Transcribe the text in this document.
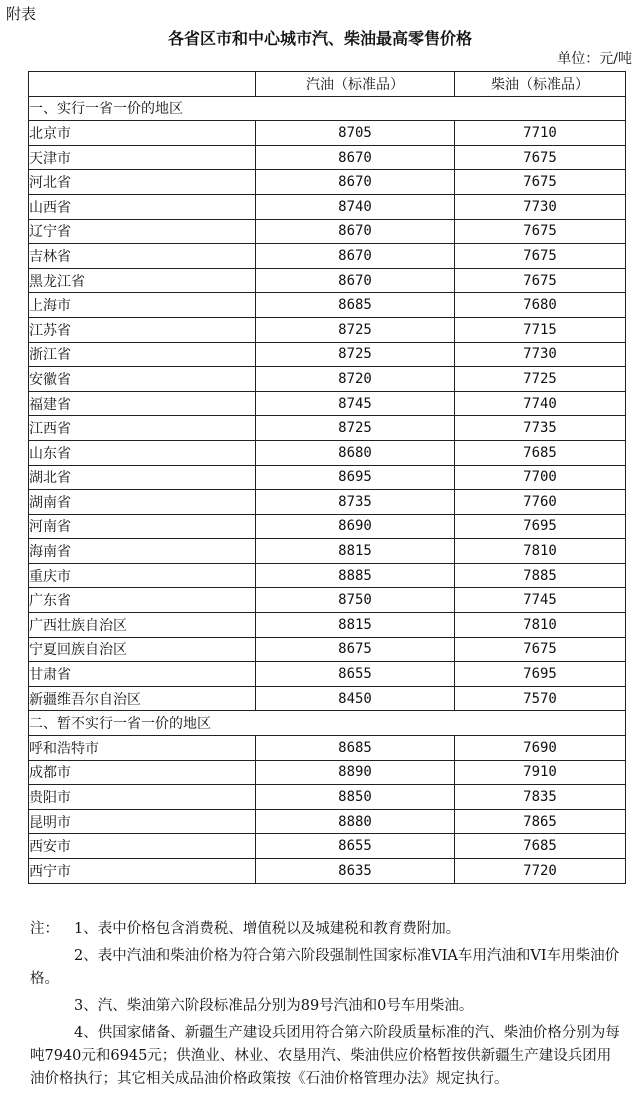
附表
各省区市和中心城市汽、柴油最高零售价格
单位：元/吨
	汽油（标准品）	柴油（标准品）
一、实行一省一价的地区		
北京市	8705	7710
天津市	8670	7675
河北省	8670	7675
山西省	8740	7730
辽宁省	8670	7675
吉林省	8670	7675
黑龙江省	8670	7675
上海市	8685	7680
江苏省	8725	7715
浙江省	8725	7730
安徽省	8720	7725
福建省	8745	7740
江西省	8725	7735
山东省	8680	7685
湖北省	8695	7700
湖南省	8735	7760
河南省	8690	7695
海南省	8815	7810
重庆市	8885	7885
广东省	8750	7745
广西壮族自治区	8815	7810
宁夏回族自治区	8675	7675
甘肃省	8655	7695
新疆维吾尔自治区	8450	7570
二、暂不实行一省一价的地区		
呼和浩特市	8685	7690
成都市	8890	7910
贵阳市	8850	7835
昆明市	8880	7865
西安市	8655	7685
西宁市	8635	7720

注： 1、表中价格包含消费税、增值税以及城建税和教育费附加。

2、表中汽油和柴油价格为符合第六阶段强制性国家标准VIA车用汽油和VI车用柴油价格。

3、汽、柴油第六阶段标准品分别为89号汽油和0号车用柴油。

4、供国家储备、新疆生产建设兵团用符合第六阶段质量标准的汽、柴油价格分别为每吨7940元和6945元；供渔业、林业、农垦用汽、柴油供应价格暂按供新疆生产建设兵团用油价格执行；其它相关成品油价格政策按《石油价格管理办法》规定执行。
